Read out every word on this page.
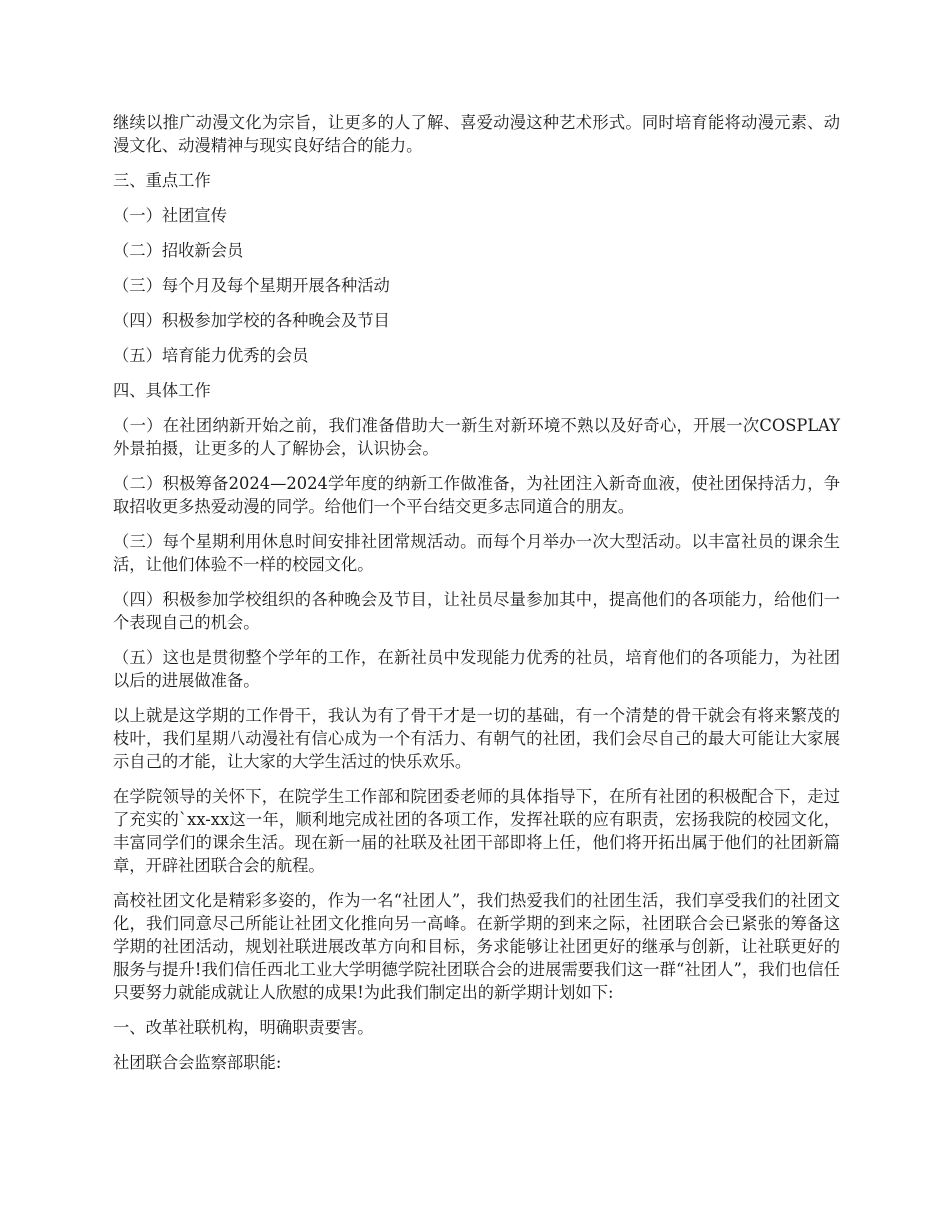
继续以推广动漫文化为宗旨，让更多的人了解、喜爱动漫这种艺术形式。同时培育能将动漫元素、动漫文化、动漫精神与现实良好结合的能力。

三、重点工作

（一）社团宣传

（二）招收新会员

（三）每个月及每个星期开展各种活动

（四）积极参加学校的各种晚会及节目

（五）培育能力优秀的会员

四、具体工作

（一）在社团纳新开始之前，我们准备借助大一新生对新环境不熟以及好奇心，开展一次COSPLAY外景拍摄，让更多的人了解协会，认识协会。

（二）积极筹备2024—2024学年度的纳新工作做准备，为社团注入新奇血液，使社团保持活力，争取招收更多热爱动漫的同学。给他们一个平台结交更多志同道合的朋友。

（三）每个星期利用休息时间安排社团常规活动。而每个月举办一次大型活动。以丰富社员的课余生活，让他们体验不一样的校园文化。

（四）积极参加学校组织的各种晚会及节目，让社员尽量参加其中，提高他们的各项能力，给他们一个表现自己的机会。

（五）这也是贯彻整个学年的工作，在新社员中发现能力优秀的社员，培育他们的各项能力，为社团以后的进展做准备。

以上就是这学期的工作骨干，我认为有了骨干才是一切的基础，有一个清楚的骨干就会有将来繁茂的枝叶，我们星期八动漫社有信心成为一个有活力、有朝气的社团，我们会尽自己的最大可能让大家展示自己的才能，让大家的大学生活过的快乐欢乐。

在学院领导的关怀下，在院学生工作部和院团委老师的具体指导下，在所有社团的积极配合下，走过了充实的`xx-xx这一年，顺利地完成社团的各项工作，发挥社联的应有职责，宏扬我院的校园文化，丰富同学们的课余生活。现在新一届的社联及社团干部即将上任，他们将开拓出属于他们的社团新篇章，开辟社团联合会的航程。

高校社团文化是精彩多姿的，作为一名“社团人”，我们热爱我们的社团生活，我们享受我们的社团文化，我们同意尽己所能让社团文化推向另一高峰。在新学期的到来之际，社团联合会已紧张的筹备这学期的社团活动，规划社联进展改革方向和目标，务求能够让社团更好的继承与创新，让社联更好的服务与提升!我们信任西北工业大学明德学院社团联合会的进展需要我们这一群“社团人”，我们也信任只要努力就能成就让人欣慰的成果!为此我们制定出的新学期计划如下:

一、改革社联机构，明确职责要害。

社团联合会监察部职能:
